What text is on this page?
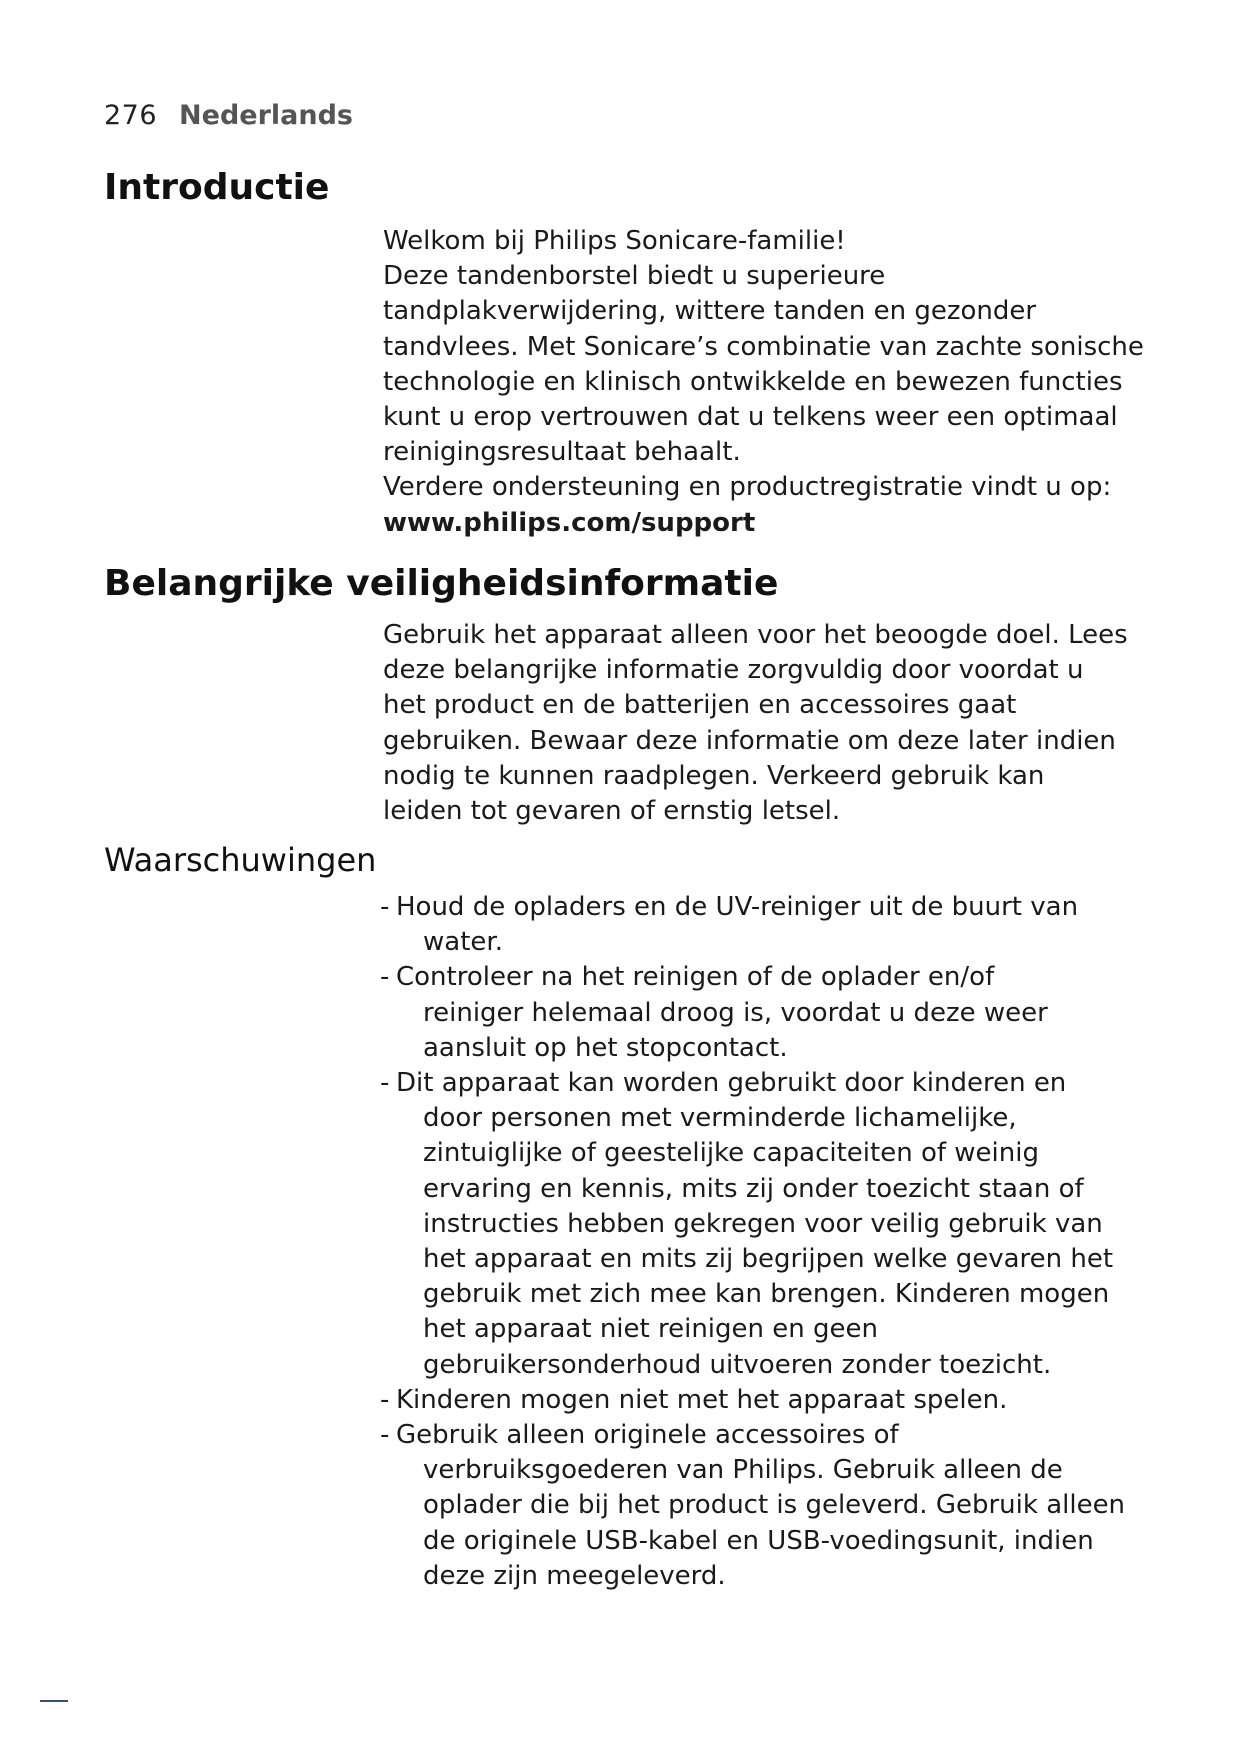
276 Nederlands
Introductie
Welkom bij Philips Sonicare-familie!
Deze tandenborstel biedt u superieure
tandplakverwijdering, wittere tanden en gezonder
tandvlees. Met Sonicare’s combinatie van zachte sonische
technologie en klinisch ontwikkelde en bewezen functies
kunt u erop vertrouwen dat u telkens weer een optimaal
reinigingsresultaat behaalt.
Verdere ondersteuning en productregistratie vindt u op:
www.philips.com/support
Belangrijke veiligheidsinformatie
Gebruik het apparaat alleen voor het beoogde doel. Lees
deze belangrijke informatie zorgvuldig door voordat u
het product en de batterijen en accessoires gaat
gebruiken. Bewaar deze informatie om deze later indien
nodig te kunnen raadplegen. Verkeerd gebruik kan
leiden tot gevaren of ernstig letsel.
Waarschuwingen
- Houd de opladers en de UV-reiniger uit de buurt van
water.
- Controleer na het reinigen of de oplader en/of
reiniger helemaal droog is, voordat u deze weer
aansluit op het stopcontact.
- Dit apparaat kan worden gebruikt door kinderen en
door personen met verminderde lichamelijke,
zintuiglijke of geestelijke capaciteiten of weinig
ervaring en kennis, mits zij onder toezicht staan of
instructies hebben gekregen voor veilig gebruik van
het apparaat en mits zij begrijpen welke gevaren het
gebruik met zich mee kan brengen. Kinderen mogen
het apparaat niet reinigen en geen
gebruikersonderhoud uitvoeren zonder toezicht.
- Kinderen mogen niet met het apparaat spelen.
- Gebruik alleen originele accessoires of
verbruiksgoederen van Philips. Gebruik alleen de
oplader die bij het product is geleverd. Gebruik alleen
de originele USB-kabel en USB-voedingsunit, indien
deze zijn meegeleverd.
